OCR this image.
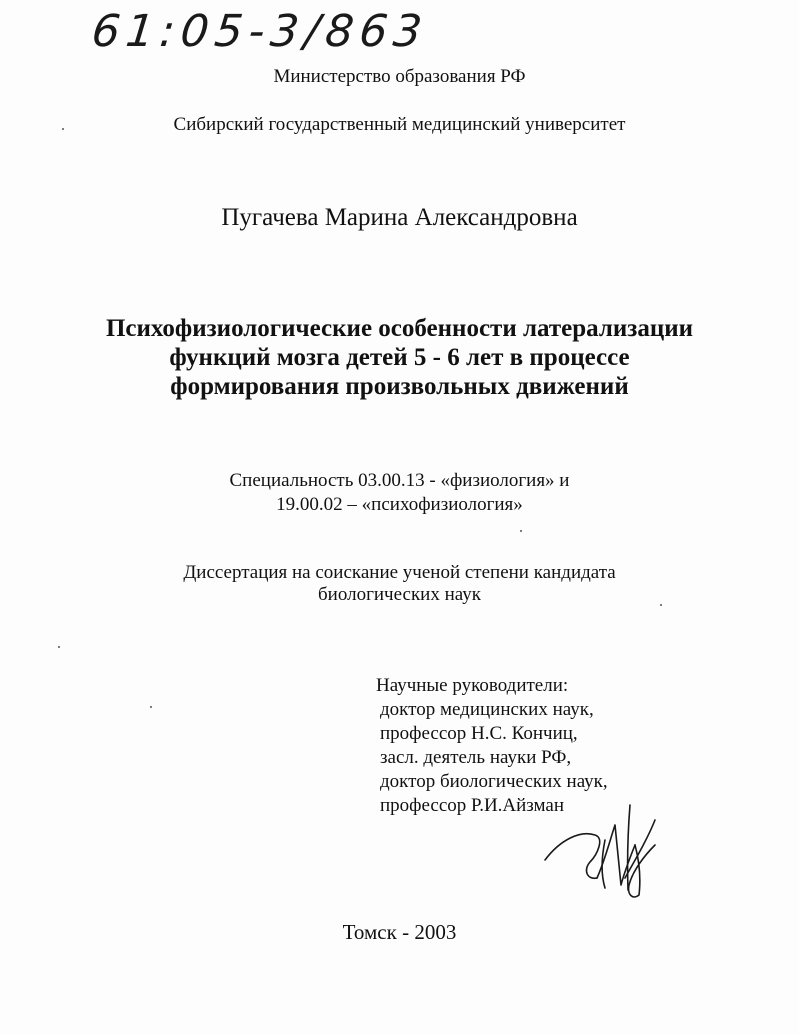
61:05-3/863
Министерство образования РФ
Сибирский государственный медицинский университет
Пугачева Марина Александровна
Психофизиологические особенности латерализации
функций мозга детей 5 - 6 лет в процессе
формирования произвольных движений
Специальность 03.00.13 - «физиология» и
19.00.02 – «психофизиология»
Диссертация на соискание ученой степени кандидата
биологических наук
Научные руководители:
доктор медицинских наук,
профессор Н.С. Кончиц,
засл. деятель науки РФ,
доктор биологических наук,
профессор Р.И.Айзман
Томск - 2003
